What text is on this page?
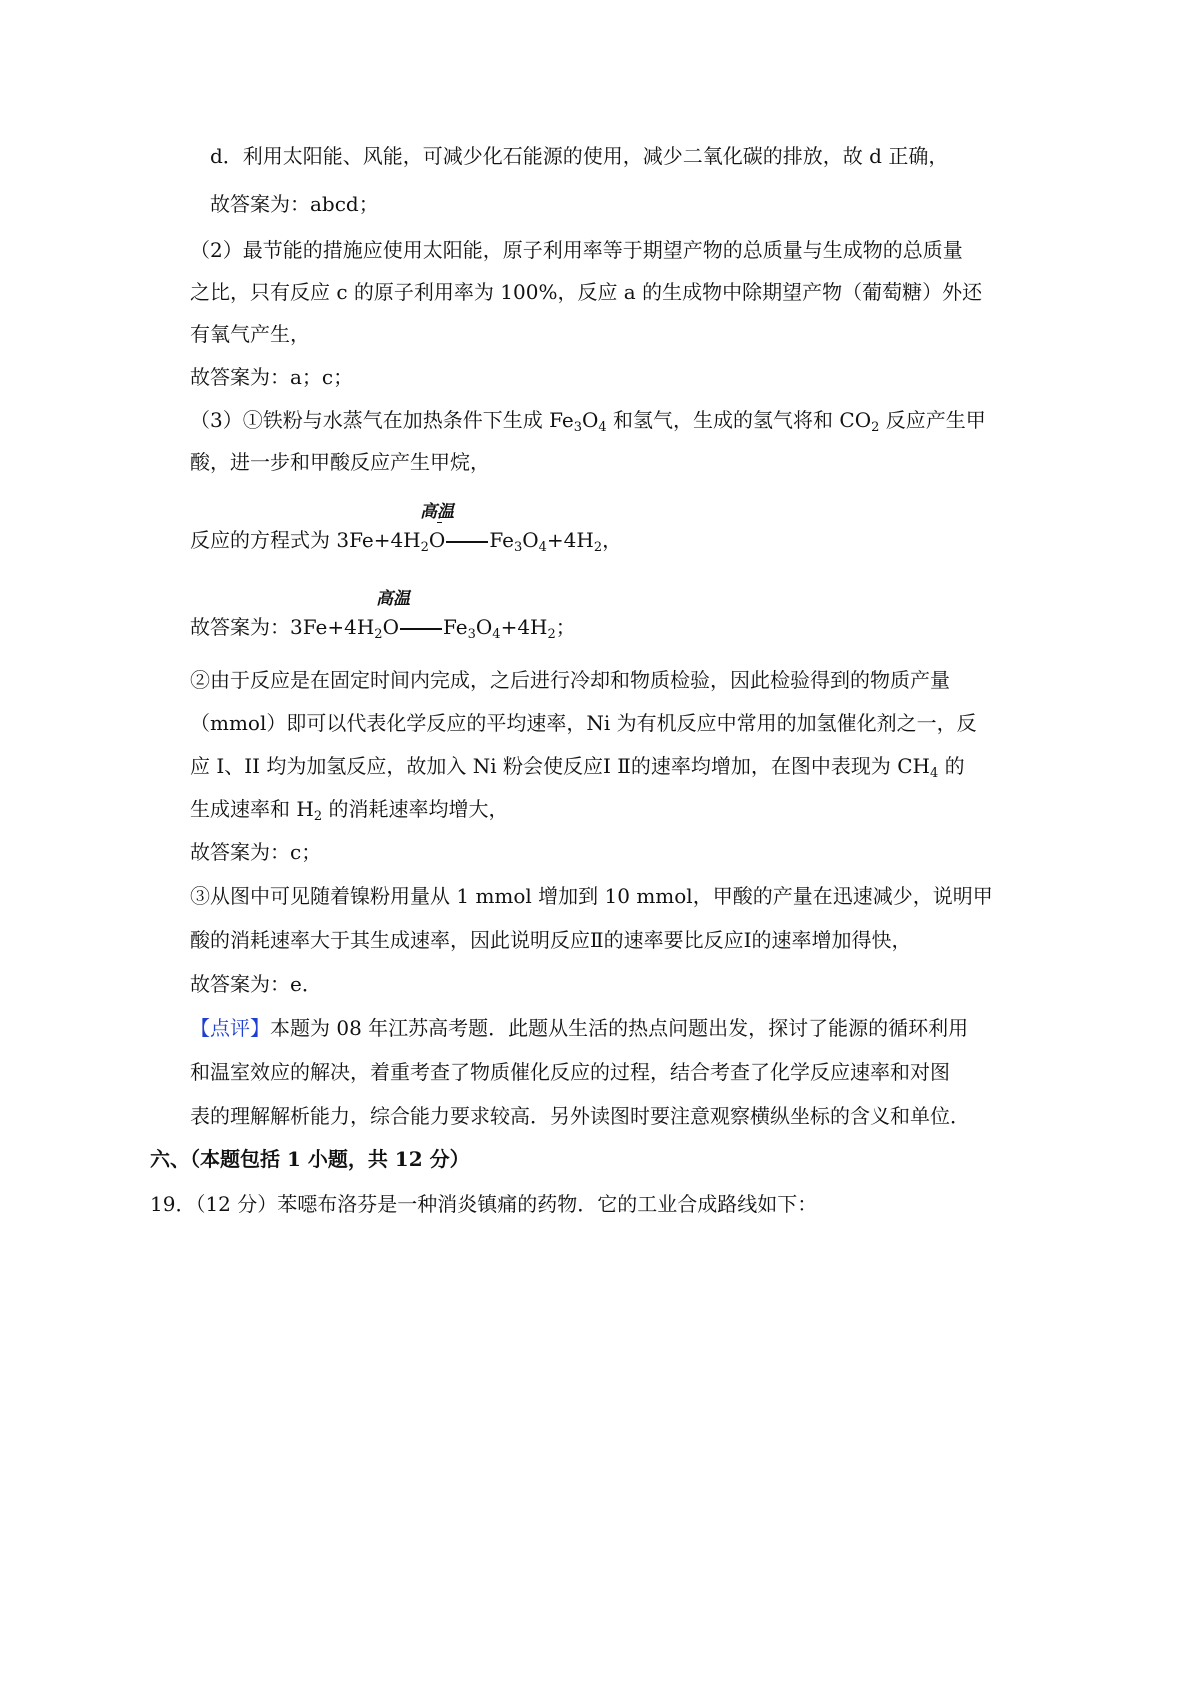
d．利用太阳能、风能，可减少化石能源的使用，减少二氧化碳的排放，故 d 正确，
故答案为：abcd；
（2）最节能的措施应使用太阳能，原子利用率等于期望产物的总质量与生成物的总质量
之比，只有反应 c 的原子利用率为 100%，反应 a 的生成物中除期望产物（葡萄糖）外还
有氧气产生，
故答案为：a；c；
（3）①铁粉与水蒸气在加热条件下生成 $Fe_3O_4$ 和氢气，生成的氢气将和 $CO_2$ 反应产生甲
酸，进一步和甲酸反应产生甲烷，
高温
反应的方程式为 $3Fe+4H_2O$ $Fe_3O_4+4H_2$，
高温
故答案为：$3Fe+4H_2O$ $Fe_3O_4+4H_2$；
②由于反应是在固定时间内完成，之后进行冷却和物质检验，因此检验得到的物质产量
（mmol）即可以代表化学反应的平均速率，Ni 为有机反应中常用的加氢催化剂之一，反
应 I、II 均为加氢反应，故加入 Ni 粉会使反应Ⅰ Ⅱ的速率均增加，在图中表现为 $CH_4$ 的
生成速率和 $H_2$ 的消耗速率均增大，
故答案为：c；
③从图中可见随着镍粉用量从 1 mmol 增加到 10 mmol，甲酸的产量在迅速减少，说明甲
酸的消耗速率大于其生成速率，因此说明反应Ⅱ的速率要比反应Ⅰ的速率增加得快，
故答案为：e．
【点评】本题为 08 年江苏高考题．此题从生活的热点问题出发，探讨了能源的循环利用
和温室效应的解决，着重考查了物质催化反应的过程，结合考查了化学反应速率和对图
表的理解解析能力，综合能力要求较高．另外读图时要注意观察横纵坐标的含义和单位．
六、（本题包括 1 小题，共 12 分）
19．（12 分）苯噁布洛芬是一种消炎镇痛的药物．它的工业合成路线如下：
